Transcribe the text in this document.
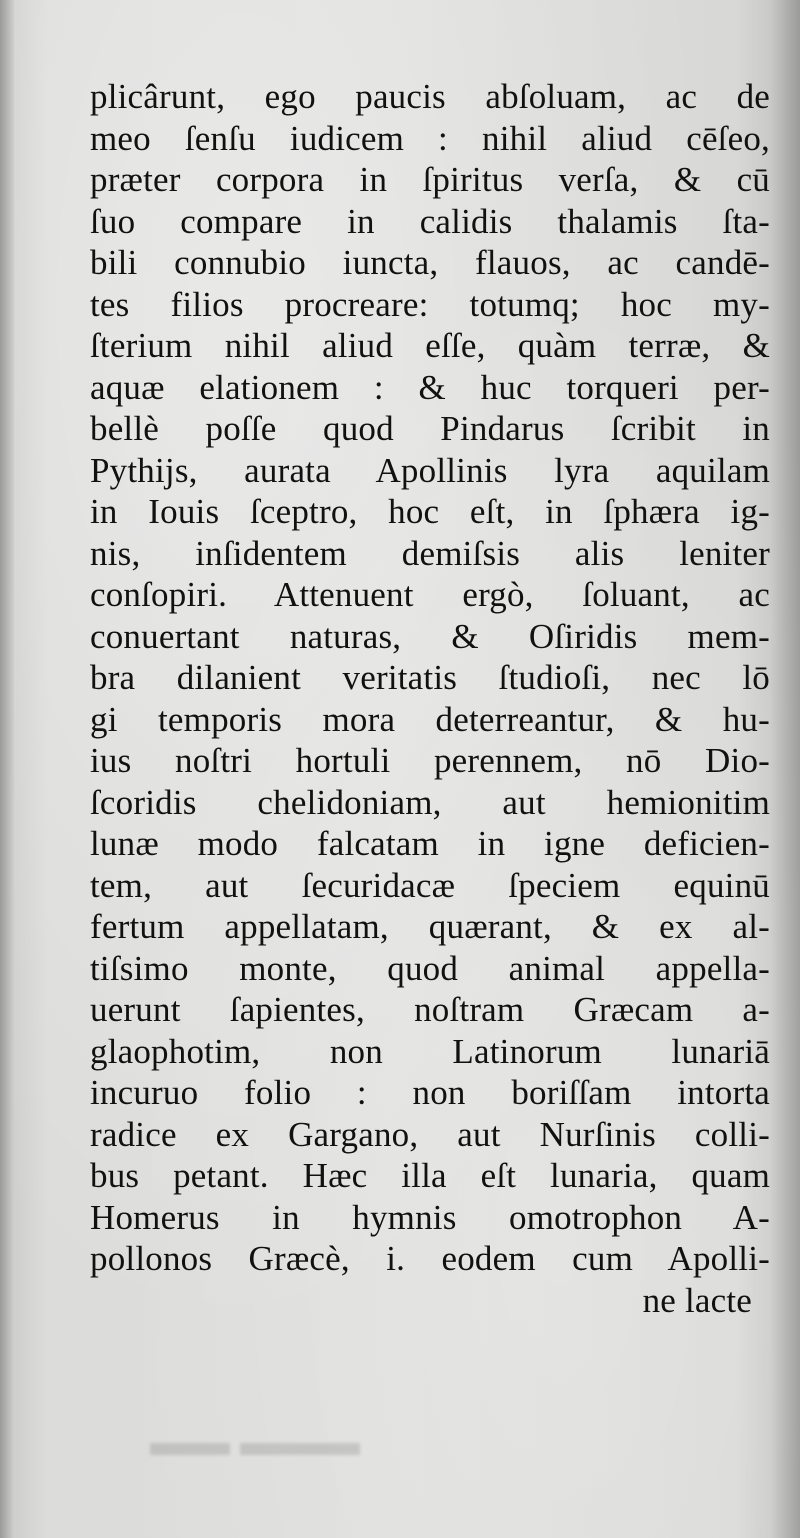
▬▬▬ ▬▬
plicârunt, ego paucis abſoluam, ac de
meo ſenſu iudicem : nihil aliud cēſeo,
præter corpora in ſpiritus verſa, & cū
ſuo compare in calidis thalamis ſta-
bili connubio iuncta, flauos, ac candē-
tes filios procreare: totumq; hoc my-
ſterium nihil aliud eſſe, quàm terræ, &
aquæ elationem : & huc torqueri per-
bellè poſſe quod Pindarus ſcribit in
Pythijs, aurata Apollinis lyra aquilam
in Iouis ſceptro, hoc eſt, in ſphæra ig-
nis, inſidentem demiſsis alis leniter
conſopiri. Attenuent ergò, ſoluant, ac
conuertant naturas, & Oſiridis mem-
bra dilanient veritatis ſtudioſi, nec lō
gi temporis mora deterreantur, & hu-
ius noſtri hortuli perennem, nō Dio-
ſcoridis chelidoniam, aut hemionitim
lunæ modo falcatam in igne deficien-
tem, aut ſecuridacæ ſpeciem equinū
fertum appellatam, quærant, & ex al-
tiſsimo monte, quod animal appella-
uerunt ſapientes, noſtram Græcam a-
glaophotim, non Latinorum lunariā
incuruo folio : non boriſſam intorta
radice ex Gargano, aut Nurſinis colli-
bus petant. Hæc illa eſt lunaria, quam
Homerus in hymnis omotrophon A-
pollonos Græcè, i. eodem cum Apolli-
ne lacte
